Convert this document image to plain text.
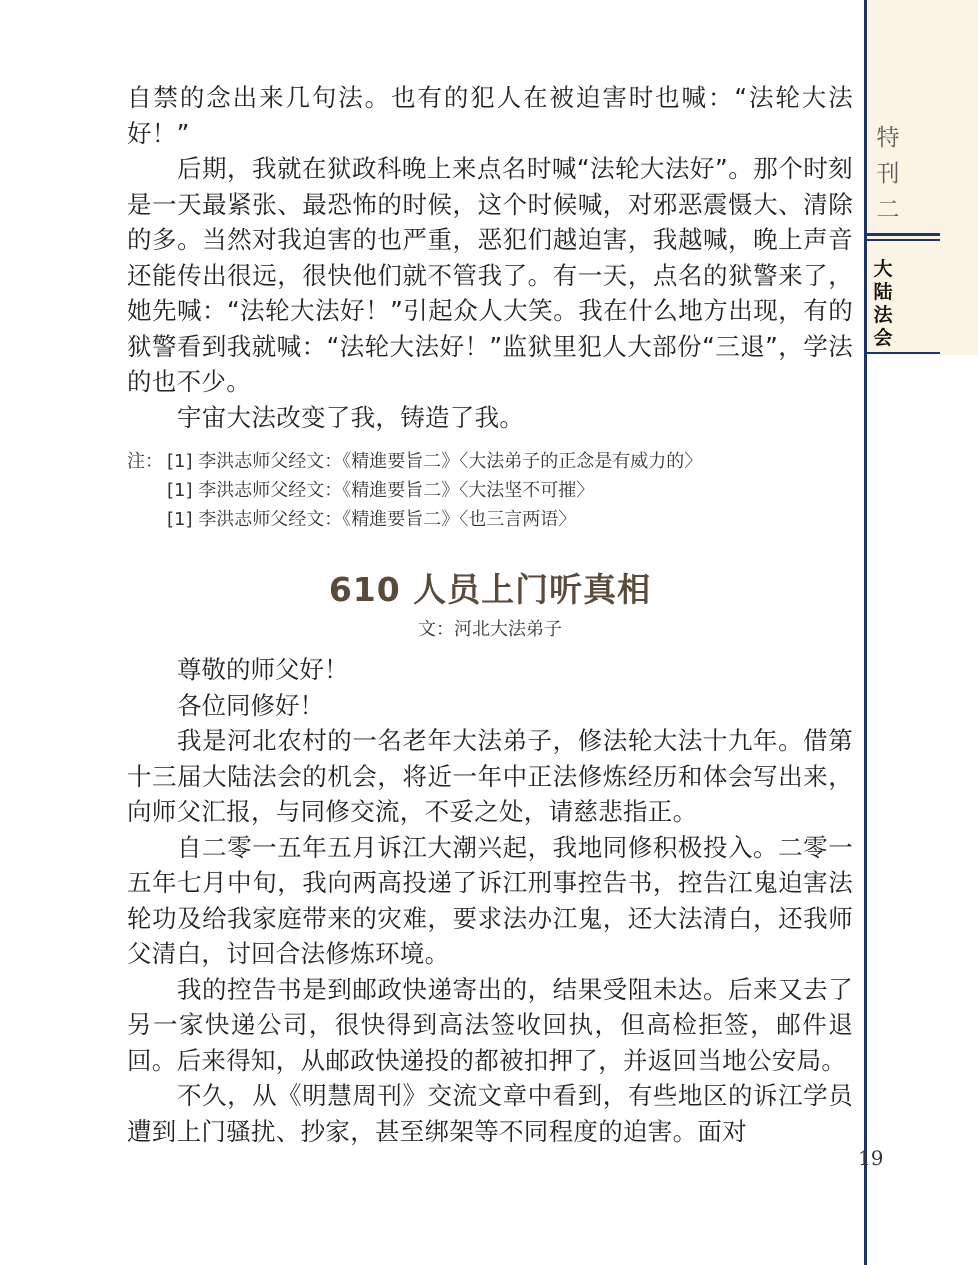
特
刊
二
大
陆
法
会
19

自禁的念出来几句法。也有的犯人在被迫害时也喊：“法轮大法好！”

后期，我就在狱政科晚上来点名时喊“法轮大法好”。那个时刻是一天最紧张、最恐怖的时候，这个时候喊，对邪恶震慑大、清除的多。当然对我迫害的也严重，恶犯们越迫害，我越喊，晚上声音还能传出很远，很快他们就不管我了。有一天，点名的狱警来了，她先喊：“法轮大法好！”引起众人大笑。我在什么地方出现，有的狱警看到我就喊：“法轮大法好！”监狱里犯人大部份“三退”，学法的也不少。

宇宙大法改变了我，铸造了我。

注： [1] 李洪志师父经文：《精進要旨二》〈大法弟子的正念是有威力的〉
[1] 李洪志师父经文：《精進要旨二》〈大法坚不可摧〉
[1] 李洪志师父经文：《精進要旨二》〈也三言两语〉
610 人员上门听真相
文：河北大法弟子

尊敬的师父好！

各位同修好！

我是河北农村的一名老年大法弟子，修法轮大法十九年。借第十三届大陆法会的机会，将近一年中正法修炼经历和体会写出来，向师父汇报，与同修交流，不妥之处，请慈悲指正。

自二零一五年五月诉江大潮兴起，我地同修积极投入。二零一五年七月中旬，我向两高投递了诉江刑事控告书，控告江鬼迫害法轮功及给我家庭带来的灾难，要求法办江鬼，还大法清白，还我师父清白，讨回合法修炼环境。

我的控告书是到邮政快递寄出的，结果受阻未达。后来又去了另一家快递公司，很快得到高法签收回执，但高检拒签，邮件退回。后来得知，从邮政快递投的都被扣押了，并返回当地公安局。

不久，从《明慧周刊》交流文章中看到，有些地区的诉江学员遭到上门骚扰、抄家，甚至绑架等不同程度的迫害。面对
